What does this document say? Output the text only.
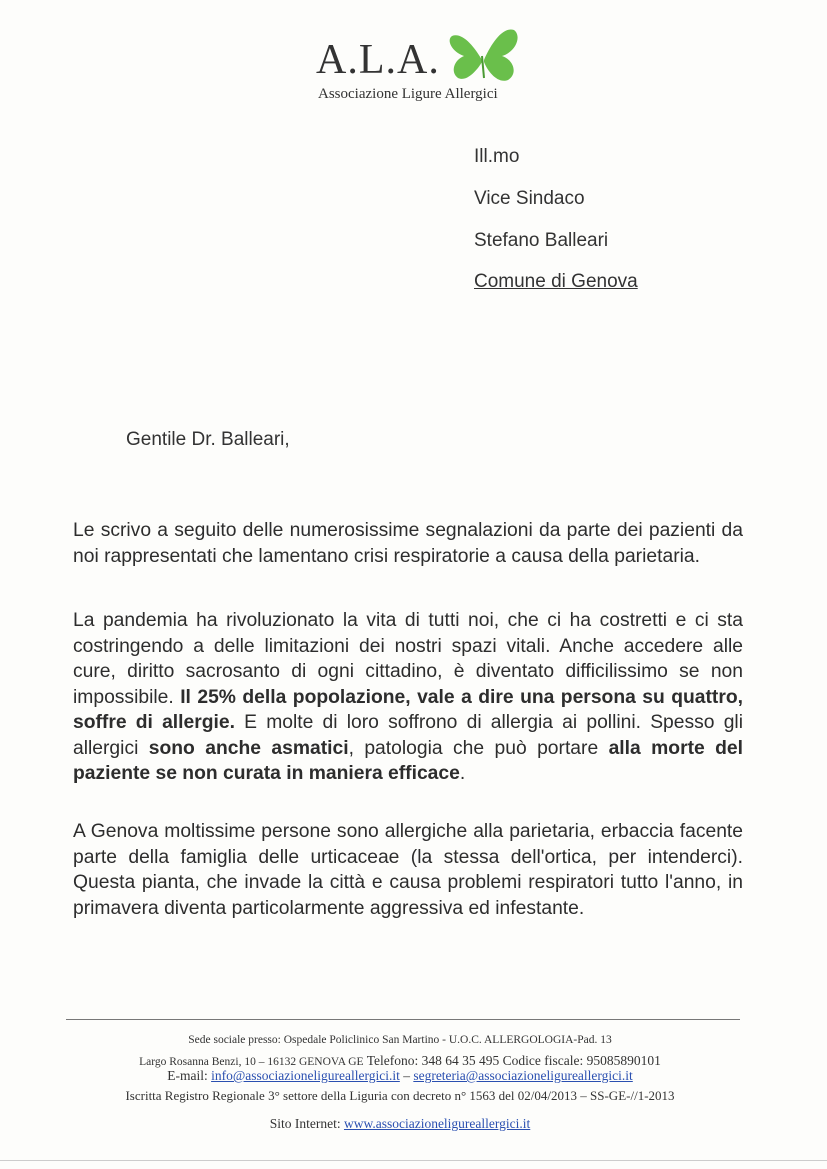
A.L.A.
Associazione Ligure Allergici
Ill.mo
Vice Sindaco
Stefano Balleari
Comune di Genova
Gentile Dr. Balleari,
Le scrivo a seguito delle numerosissime segnalazioni da parte dei pazienti da noi rappresentati che lamentano crisi respiratorie a causa della parietaria.
La pandemia ha rivoluzionato la vita di tutti noi, che ci ha costretti e ci sta costringendo a delle limitazioni dei nostri spazi vitali. Anche accedere alle cure, diritto sacrosanto di ogni cittadino, è diventato difficilissimo se non impossibile. Il 25% della popolazione, vale a dire una persona su quattro, soffre di allergie. E molte di loro soffrono di allergia ai pollini. Spesso gli allergici sono anche asmatici, patologia che può portare alla morte del paziente se non curata in maniera efficace.
A Genova moltissime persone sono allergiche alla parietaria, erbaccia facente parte della famiglia delle urticaceae (la stessa dell'ortica, per intenderci). Questa pianta, che invade la città e causa problemi respiratori tutto l'anno, in primavera diventa particolarmente aggressiva ed infestante.
Sede sociale presso: Ospedale Policlinico San Martino - U.O.C. ALLERGOLOGIA-Pad. 13
Largo Rosanna Benzi, 10 – 16132 GENOVA GE Telefono: 348 64 35 495 Codice fiscale: 95085890101
E-mail: info@associazioneligureallergici.it – segreteria@associazioneligureallergici.it
Iscritta Registro Regionale 3° settore della Liguria con decreto n° 1563 del 02/04/2013 – SS-GE-//1-2013
Sito Internet: www.associazioneligureallergici.it
